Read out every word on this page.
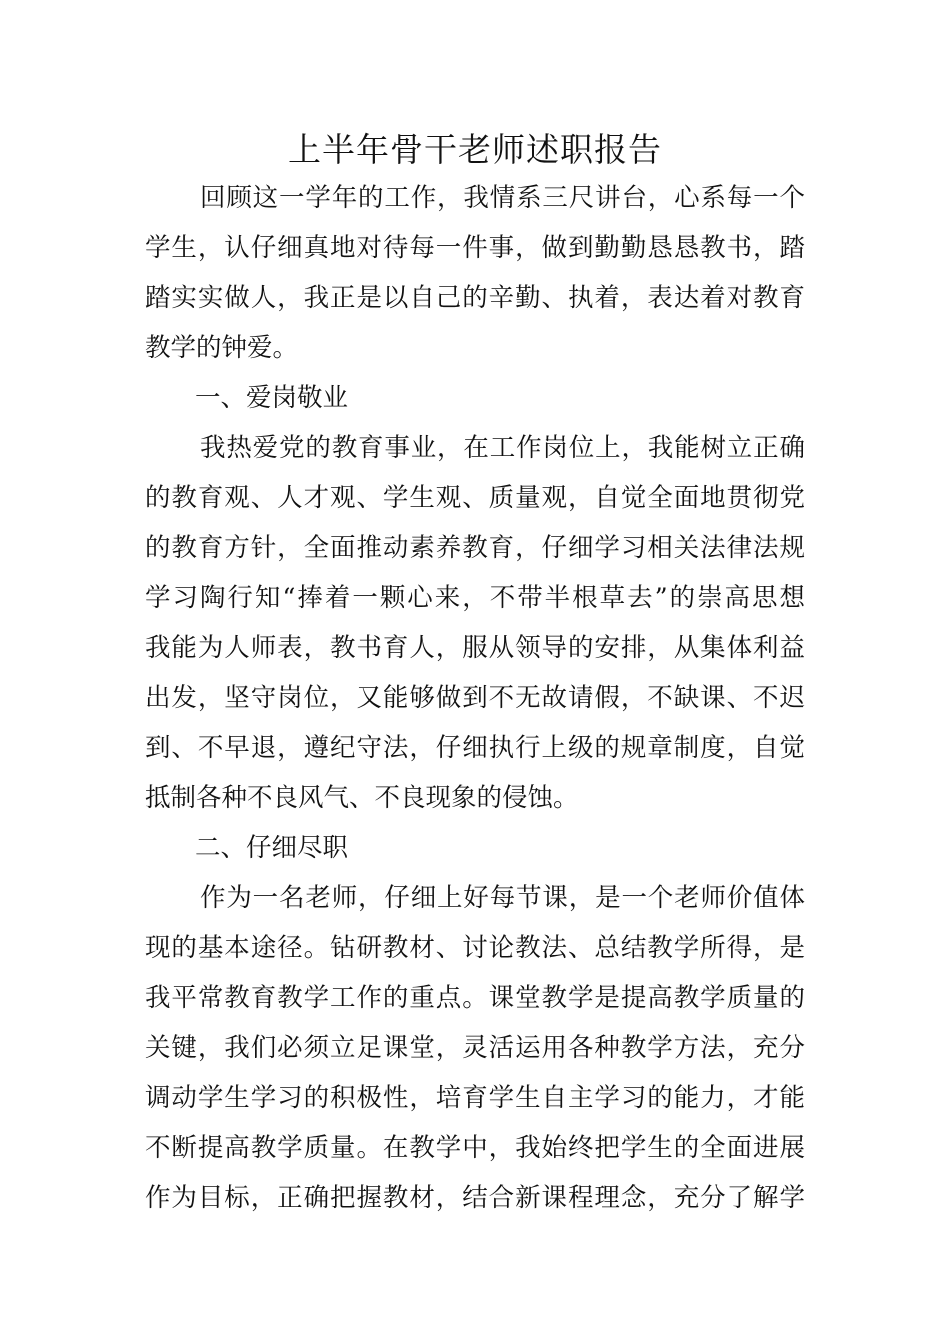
上半年骨干老师述职报告
回顾这一学年的工作，我情系三尺讲台，心系每一个
学生，认仔细真地对待每一件事，做到勤勤恳恳教书，踏
踏实实做人，我正是以自己的辛勤、执着，表达着对教育
教学的钟爱。
一、爱岗敬业
我热爱党的教育事业，在工作岗位上，我能树立正确
的教育观、人才观、学生观、质量观，自觉全面地贯彻党
的教育方针，全面推动素养教育，仔细学习相关法律法规
学习陶行知“捧着一颗心来，不带半根草去”的崇高思想
我能为人师表，教书育人，服从领导的安排，从集体利益
出发，坚守岗位，又能够做到不无故请假，不缺课、不迟
到、不早退，遵纪守法，仔细执行上级的规章制度，自觉
抵制各种不良风气、不良现象的侵蚀。
二、仔细尽职
作为一名老师，仔细上好每节课，是一个老师价值体
现的基本途径。钻研教材、讨论教法、总结教学所得，是
我平常教育教学工作的重点。课堂教学是提高教学质量的
关键，我们必须立足课堂，灵活运用各种教学方法，充分
调动学生学习的积极性，培育学生自主学习的能力，才能
不断提高教学质量。在教学中，我始终把学生的全面进展
作为目标，正确把握教材，结合新课程理念，充分了解学
